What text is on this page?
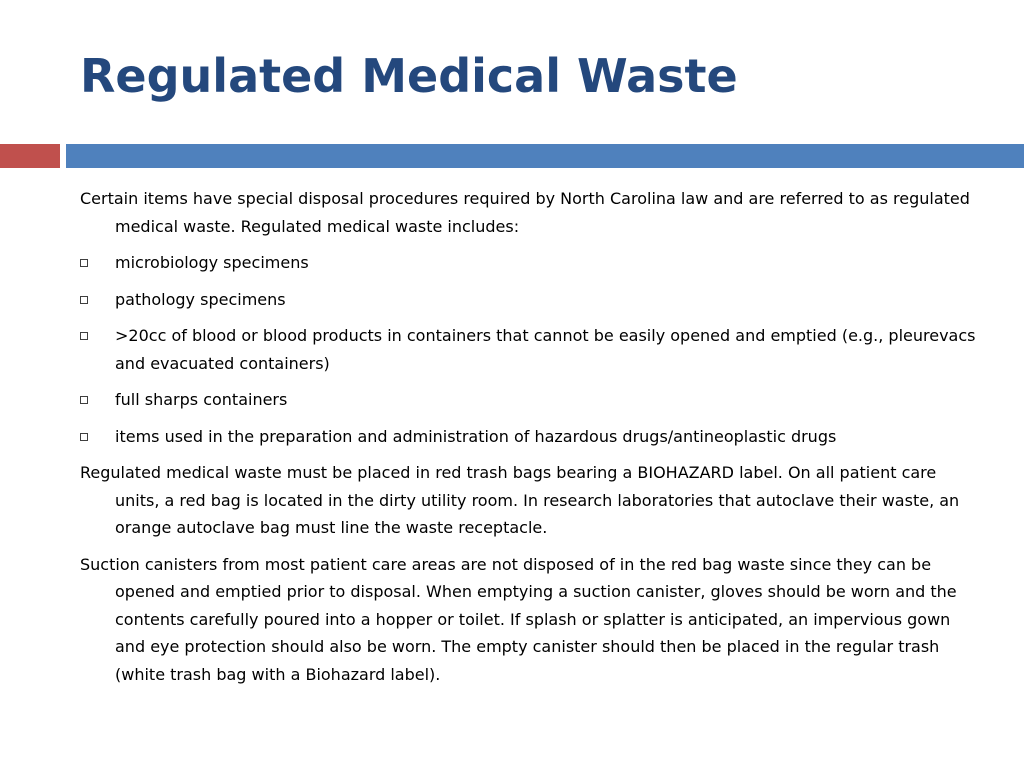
Regulated Medical Waste

Certain items have special disposal procedures required by North Carolina law and are referred to as regulated medical waste. Regulated medical waste includes:

microbiology specimens
pathology specimens
>20cc of blood or blood products in containers that cannot be easily opened and emptied (e.g., pleurevacs and evacuated containers)
full sharps containers
items used in the preparation and administration of hazardous drugs/antineoplastic drugs

Regulated medical waste must be placed in red trash bags bearing a BIOHAZARD label. On all patient care units, a red bag is located in the dirty utility room. In research laboratories that autoclave their waste, an orange autoclave bag must line the waste receptacle.

Suction canisters from most patient care areas are not disposed of in the red bag waste since they can be opened and emptied prior to disposal. When emptying a suction canister, gloves should be worn and the contents carefully poured into a hopper or toilet. If splash or splatter is anticipated, an impervious gown and eye protection should also be worn. The empty canister should then be placed in the regular trash (white trash bag with a Biohazard label).
